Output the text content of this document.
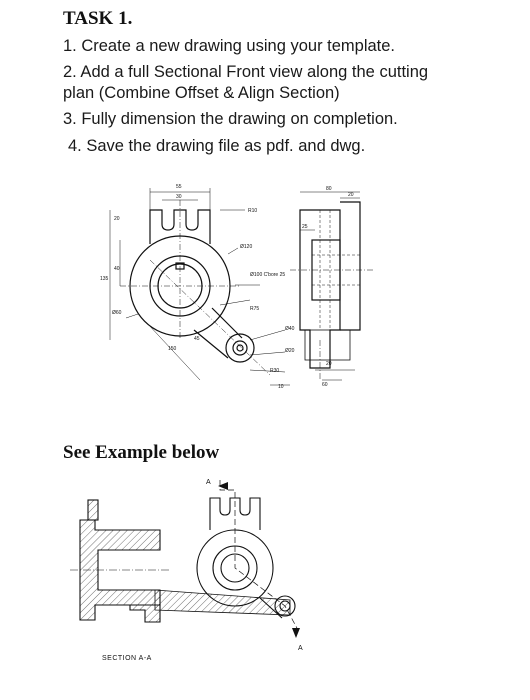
TASK 1.
1. Create a new drawing using your template.
2. Add a full Sectional Front view along the cutting
plan (Combine Offset & Align Section)
3. Fully dimension the drawing on completion.
4. Save the drawing file as pdf. and dwg.
55
30
R10
Ø120
Ø100 C'bore 25
R75
Ø60
Ø40
Ø20
R30
10
80
20
25
135
40
150
45
60
20
20
See Example below
A
A
SECTION A-A
